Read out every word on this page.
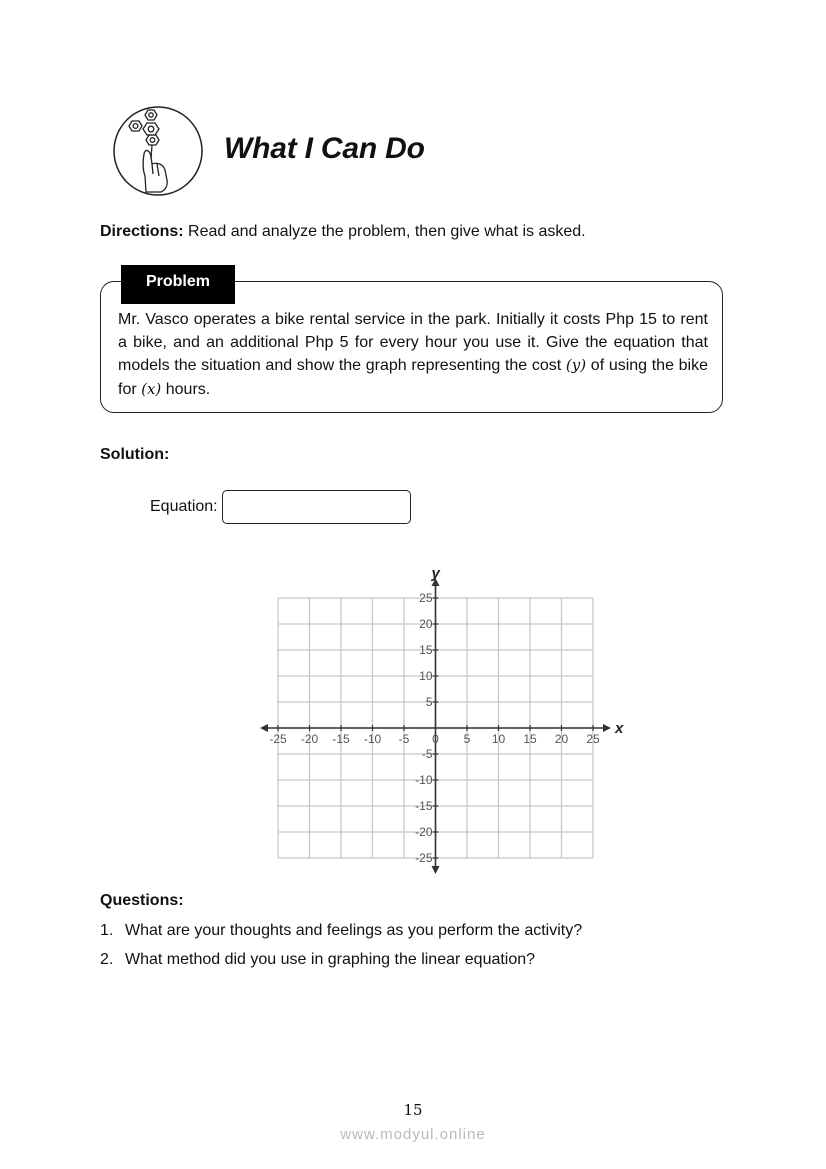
What I Can Do
Directions: Read and analyze the problem, then give what is asked.
Problem
Mr. Vasco operates a bike rental service in the park. Initially it costs Php 15 to rent a bike, and an additional Php 5 for every hour you use it. Give the equation that models the situation and show the graph representing the cost (y) of using the bike for (x) hours.
Solution:
Equation:
-25 -20 -15 -10 -5 0 5 10 15 20 25
25
20
15
10
5
-5
-10
-15
-20
-25
x
y
Questions:
1. What are your thoughts and feelings as you perform the activity?
2. What method did you use in graphing the linear equation?
15
www.modyul.online
